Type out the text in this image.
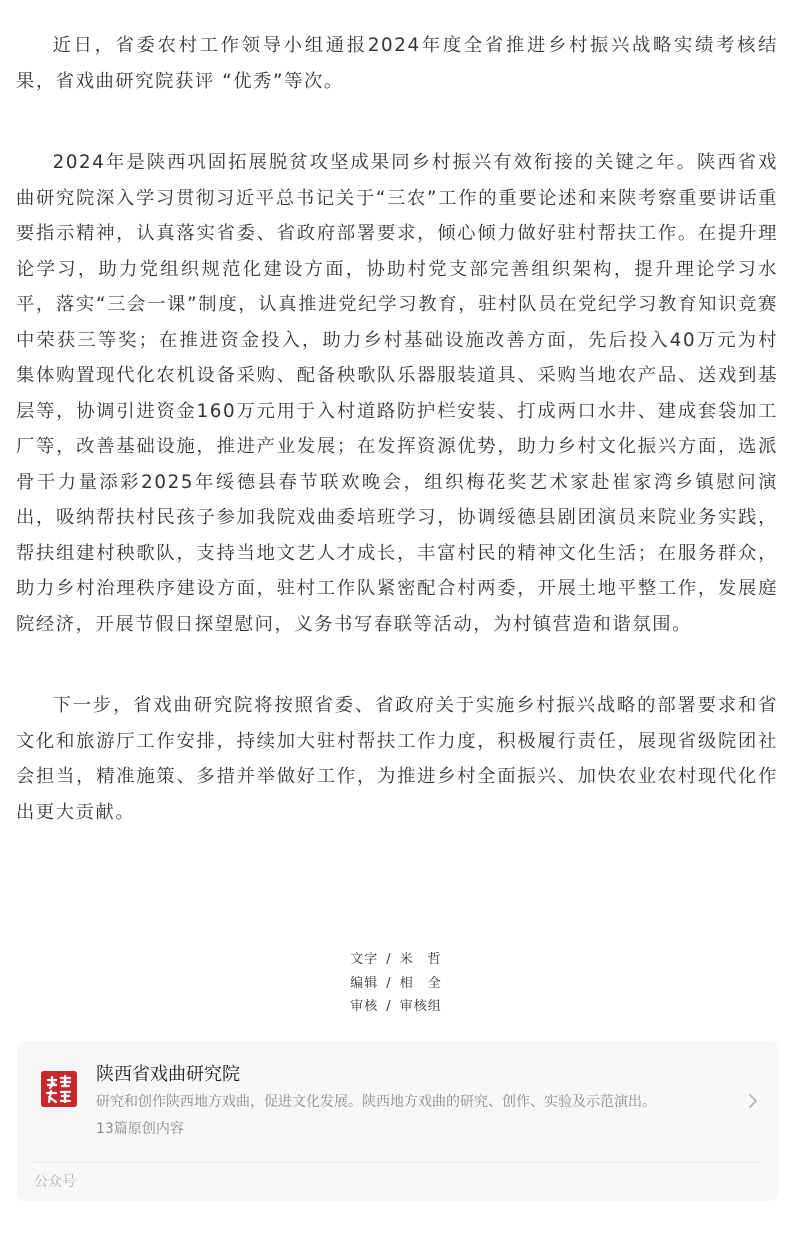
近日，省委农村工作领导小组通报2024年度全省推进乡村振兴战略实绩考核结果，省戏曲研究院获评 “优秀”等次。

2024年是陕西巩固拓展脱贫攻坚成果同乡村振兴有效衔接的关键之年。陕西省戏曲研究院深入学习贯彻习近平总书记关于“三农”工作的重要论述和来陕考察重要讲话重要指示精神，认真落实省委、省政府部署要求，倾心倾力做好驻村帮扶工作。在提升理论学习，助力党组织规范化建设方面，协助村党支部完善组织架构，提升理论学习水平，落实“三会一课”制度，认真推进党纪学习教育，驻村队员在党纪学习教育知识竞赛中荣获三等奖；在推进资金投入，助力乡村基础设施改善方面，先后投入40万元为村集体购置现代化农机设备采购、配备秧歌队乐器服装道具、采购当地农产品、送戏到基层等，协调引进资金160万元用于入村道路防护栏安装、打成两口水井、建成套袋加工厂等，改善基础设施，推进产业发展；在发挥资源优势，助力乡村文化振兴方面，选派骨干力量添彩2025年绥德县春节联欢晚会，组织梅花奖艺术家赴崔家湾乡镇慰问演出，吸纳帮扶村民孩子参加我院戏曲委培班学习，协调绥德县剧团演员来院业务实践，帮扶组建村秧歌队，支持当地文艺人才成长，丰富村民的精神文化生活；在服务群众，助力乡村治理秩序建设方面，驻村工作队紧密配合村两委，开展土地平整工作，发展庭院经济，开展节假日探望慰问，义务书写春联等活动，为村镇营造和谐氛围。

下一步，省戏曲研究院将按照省委、省政府关于实施乡村振兴战略的部署要求和省文化和旅游厅工作安排，持续加大驻村帮扶工作力度，积极履行责任，展现省级院团社会担当，精准施策、多措并举做好工作，为推进乡村全面振兴、加快农业农村现代化作出更大贡献。

文字 / 米　哲
编辑 / 相　全
审核 / 审核组
陕西省戏曲研究院
研究和创作陕西地方戏曲，促进文化发展。陕西地方戏曲的研究、创作、实验及示范演出。
13篇原创内容
公众号
